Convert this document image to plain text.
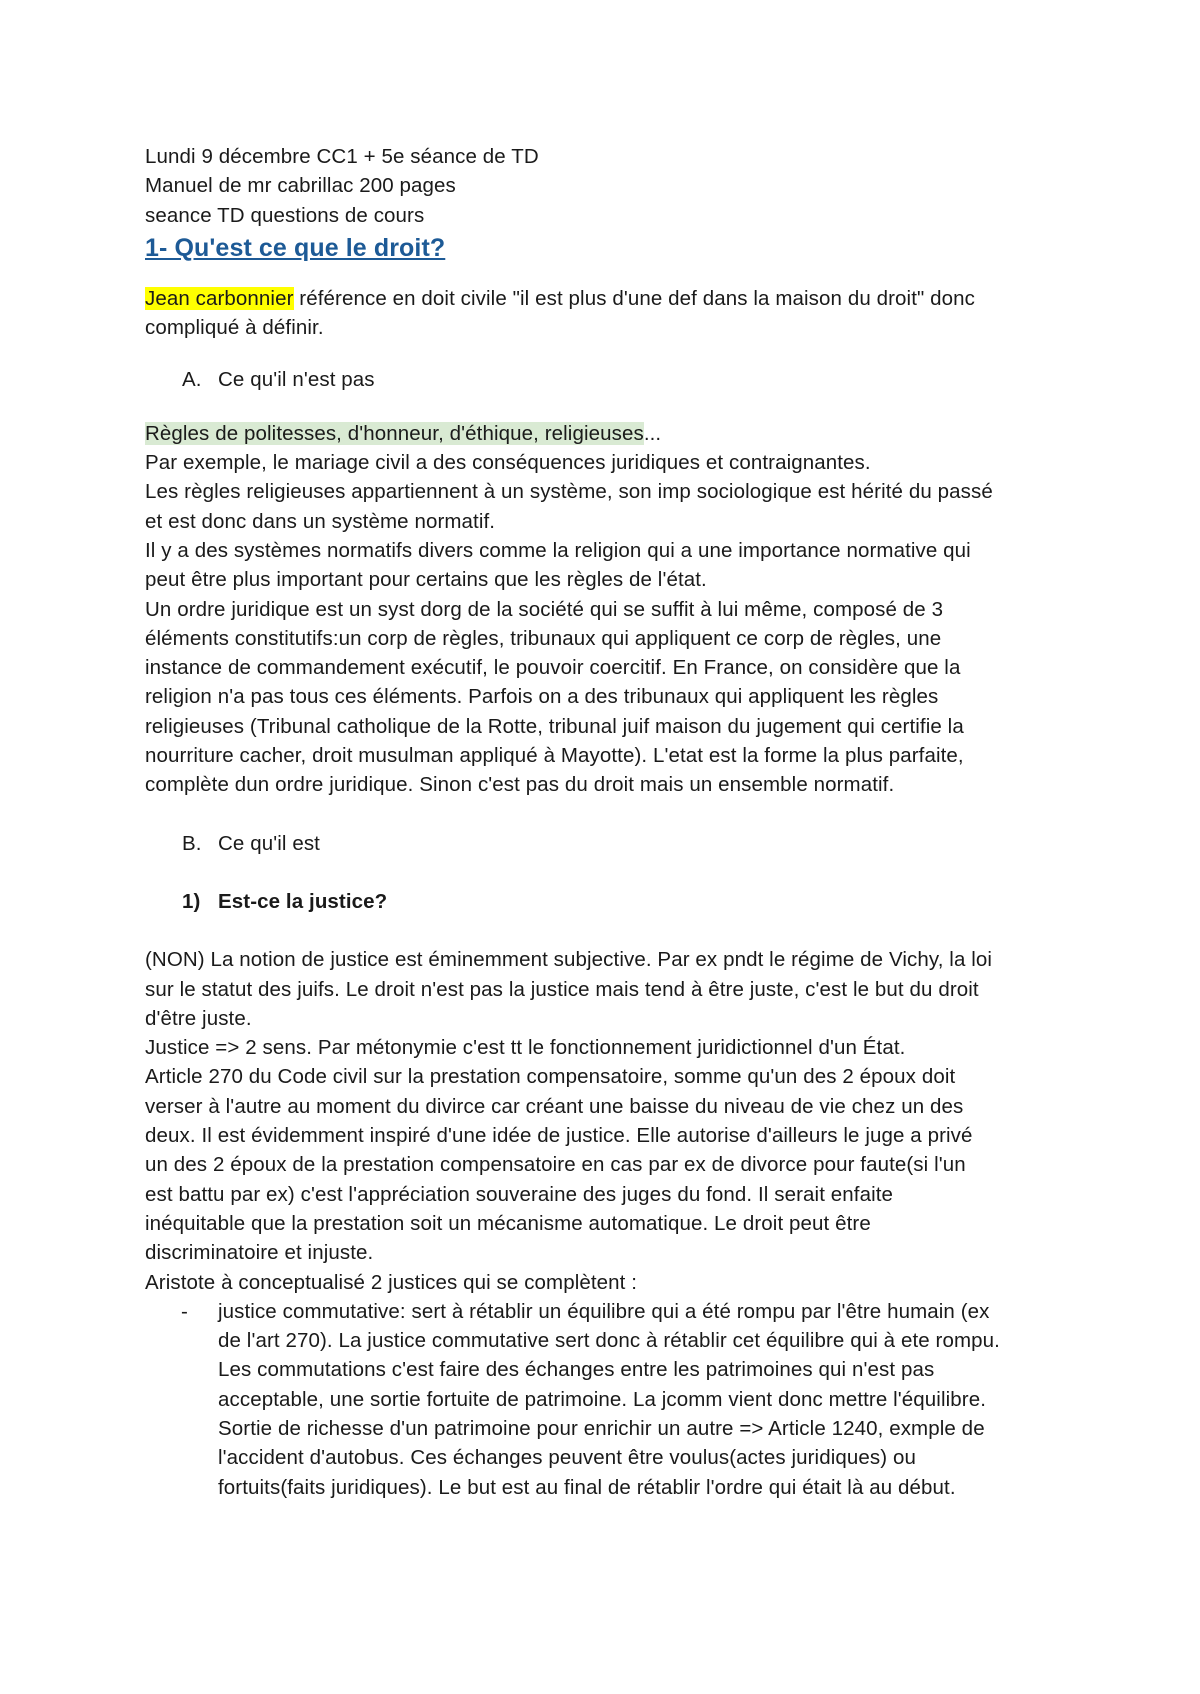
Lundi 9 décembre CC1 + 5e séance de TD
Manuel de mr cabrillac 200 pages
seance TD questions de cours
1- Qu'est ce que le droit?
Jean carbonnier référence en doit civile "il est plus d'une def dans la maison du droit" donc
compliqué à définir.
A. Ce qu'il n'est pas
Règles de politesses, d'honneur, d'éthique, religieuses...
Par exemple, le mariage civil a des conséquences juridiques et contraignantes.
Les règles religieuses appartiennent à un système, son imp sociologique est hérité du passé
et est donc dans un système normatif.
Il y a des systèmes normatifs divers comme la religion qui a une importance normative qui
peut être plus important pour certains que les règles de l'état.
Un ordre juridique est un syst dorg de la société qui se suffit à lui même, composé de 3
éléments constitutifs:un corp de règles, tribunaux qui appliquent ce corp de règles, une
instance de commandement exécutif, le pouvoir coercitif. En France, on considère que la
religion n'a pas tous ces éléments. Parfois on a des tribunaux qui appliquent les règles
religieuses (Tribunal catholique de la Rotte, tribunal juif maison du jugement qui certifie la
nourriture cacher, droit musulman appliqué à Mayotte). L'etat est la forme la plus parfaite,
complète dun ordre juridique. Sinon c'est pas du droit mais un ensemble normatif.
B. Ce qu'il est
1) Est-ce la justice?
(NON) La notion de justice est éminemment subjective. Par ex pndt le régime de Vichy, la loi
sur le statut des juifs. Le droit n'est pas la justice mais tend à être juste, c'est le but du droit
d'être juste.
Justice => 2 sens. Par métonymie c'est tt le fonctionnement juridictionnel d'un État.
Article 270 du Code civil sur la prestation compensatoire, somme qu'un des 2 époux doit
verser à l'autre au moment du divirce car créant une baisse du niveau de vie chez un des
deux. Il est évidemment inspiré d'une idée de justice. Elle autorise d'ailleurs le juge a privé
un des 2 époux de la prestation compensatoire en cas par ex de divorce pour faute(si l'un
est battu par ex) c'est l'appréciation souveraine des juges du fond. Il serait enfaite
inéquitable que la prestation soit un mécanisme automatique. Le droit peut être
discriminatoire et injuste.
Aristote à conceptualisé 2 justices qui se complètent :
- justice commutative: sert à rétablir un équilibre qui a été rompu par l'être humain (ex
de l'art 270). La justice commutative sert donc à rétablir cet équilibre qui à ete rompu.
Les commutations c'est faire des échanges entre les patrimoines qui n'est pas
acceptable, une sortie fortuite de patrimoine. La jcomm vient donc mettre l'équilibre.
Sortie de richesse d'un patrimoine pour enrichir un autre => Article 1240, exmple de
l'accident d'autobus. Ces échanges peuvent être voulus(actes juridiques) ou
fortuits(faits juridiques). Le but est au final de rétablir l'ordre qui était là au début.
